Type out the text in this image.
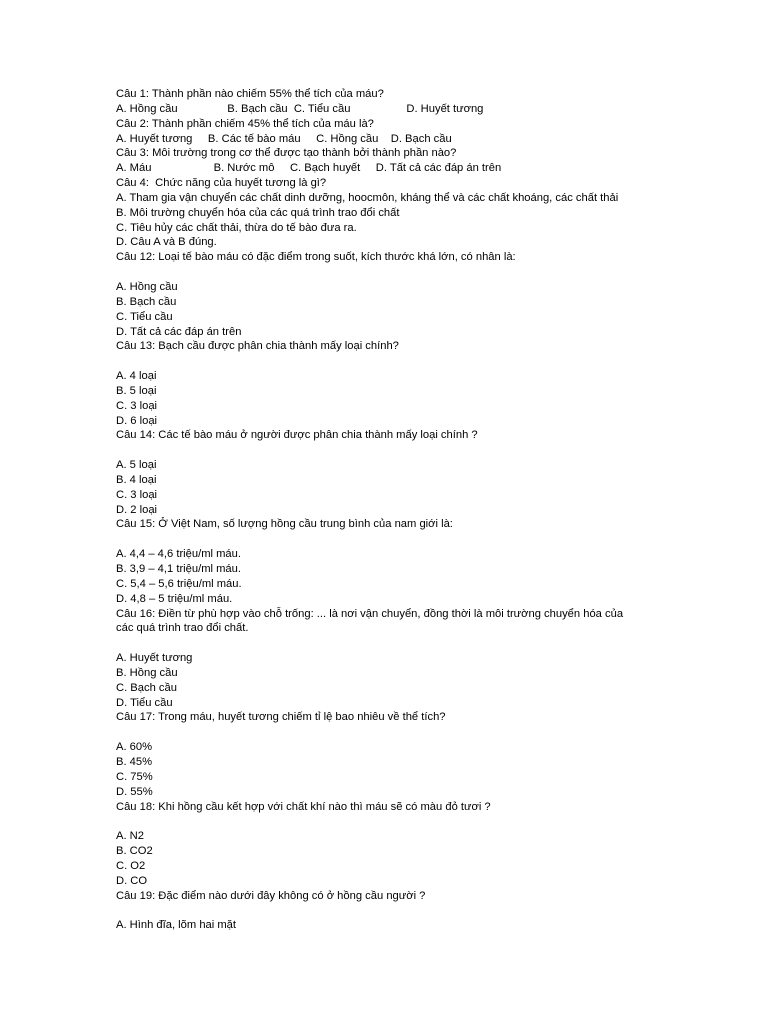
Câu 1: Thành phần nào chiếm 55% thể tích của máu?
A. Hồng cầu                B. Bạch cầu  C. Tiểu cầu                  D. Huyết tương
Câu 2: Thành phần chiếm 45% thể tích của máu là?
A. Huyết tương     B. Các tế bào máu     C. Hồng cầu    D. Bạch cầu
Câu 3: Môi trường trong cơ thể được tạo thành bởi thành phần nào?
A. Máu                    B. Nước mô     C. Bạch huyết     D. Tất cả các đáp án trên
Câu 4:  Chức năng của huyết tương là gì?
A. Tham gia vận chuyển các chất dinh dưỡng, hoocmôn, kháng thể và các chất khoáng, các chất thải
B. Môi trường chuyển hóa của các quá trình trao đổi chất
C. Tiêu hủy các chất thải, thừa do tế bào đưa ra.
D. Câu A và B đúng.
Câu 12: Loại tế bào máu có đặc điểm trong suốt, kích thước khá lớn, có nhân là:
A. Hồng cầu
B. Bạch cầu
C. Tiểu cầu
D. Tất cả các đáp án trên
Câu 13: Bạch cầu được phân chia thành mấy loại chính?
A. 4 loại
B. 5 loại
C. 3 loại
D. 6 loại
Câu 14: Các tế bào máu ở người được phân chia thành mấy loại chính ?
A. 5 loại
B. 4 loại
C. 3 loại
D. 2 loại
Câu 15: Ở Việt Nam, số lượng hồng cầu trung bình của nam giới là:
A. 4,4 – 4,6 triệu/ml máu.
B. 3,9 – 4,1 triệu/ml máu.
C. 5,4 – 5,6 triệu/ml máu.
D. 4,8 – 5 triệu/ml máu.
Câu 16: Điền từ phù hợp vào chỗ trống: ... là nơi vận chuyển, đồng thời là môi trường chuyển hóa của
các quá trình trao đổi chất.
A. Huyết tương
B. Hồng cầu
C. Bạch cầu
D. Tiểu cầu
Câu 17: Trong máu, huyết tương chiếm tỉ lệ bao nhiêu về thể tích?
A. 60%
B. 45%
C. 75%
D. 55%
Câu 18: Khi hồng cầu kết hợp với chất khí nào thì máu sẽ có màu đỏ tươi ?
A. N2
B. CO2
C. O2
D. CO
Câu 19: Đặc điểm nào dưới đây không có ở hồng cầu người ?
A. Hình đĩa, lõm hai mặt
